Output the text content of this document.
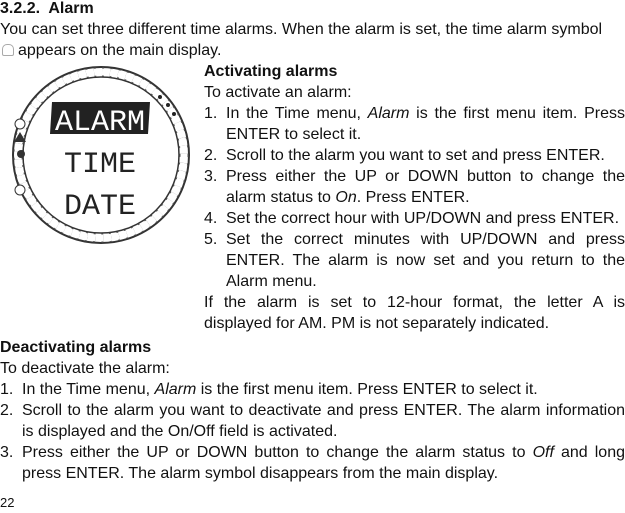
3.2.2. Alarm

You can set three different time alarms. When the alarm is set, the time alarm symbol
appears on the main display.

ALARM
TIME
DATE
Activating alarms

To activate an alarm:

1. In the Time menu, Alarm is the first menu item. Press ENTER to select it.
2. Scroll to the alarm you want to set and press ENTER.
3. Press either the UP or DOWN button to change the alarm status to On. Press ENTER.
4. Set the correct hour with UP/DOWN and press ENTER.
5. Set the correct minutes with UP/DOWN and press ENTER. The alarm is now set and you return to the Alarm menu.

If the alarm is set to 12-hour format, the letter A is displayed for AM. PM is not separately indicated.

Deactivating alarms

To deactivate the alarm:

1. In the Time menu, Alarm is the first menu item. Press ENTER to select it.
2. Scroll to the alarm you want to deactivate and press ENTER. The alarm information is displayed and the On/Off field is activated.
3. Press either the UP or DOWN button to change the alarm status to Off and long press ENTER. The alarm symbol disappears from the main display.
22
